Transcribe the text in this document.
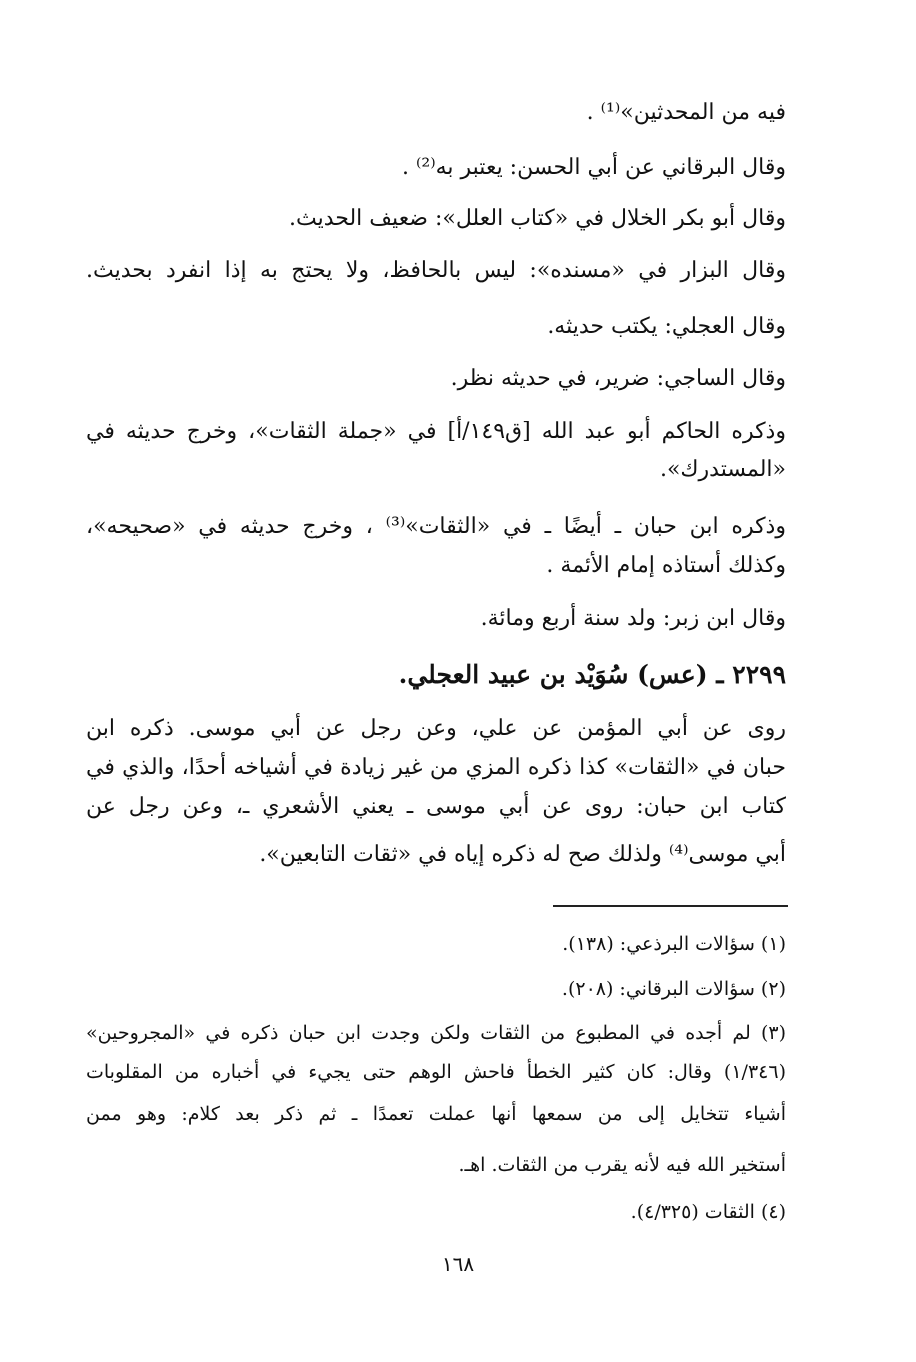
فيه من المحدثين»⁽¹⁾ .
وقال البرقاني عن أبي الحسن: يعتبر به⁽²⁾ .
وقال أبو بكر الخلال في «كتاب العلل»: ضعيف الحديث.
وقال البزار في «مسنده»: ليس بالحافظ، ولا يحتج به إذا انفرد بحديث.
وقال العجلي: يكتب حديثه.
وقال الساجي: ضرير، في حديثه نظر.
وذكره الحاكم أبو عبد الله [ق١٤٩/أ] في «جملة الثقات»، وخرج حديثه في
«المستدرك».
وذكره ابن حبان ـ أيضًا ـ في «الثقات»⁽³⁾ ، وخرج حديثه في «صحيحه»،
وكذلك أستاذه إمام الأئمة .
وقال ابن زبر: ولد سنة أربع ومائة.
٢٢٩٩ ـ (عس) سُوَيْد بن عبيد العجلي.
روى عن أبي المؤمن عن علي، وعن رجل عن أبي موسى. ذكره ابن
حبان في «الثقات» كذا ذكره المزي من غير زيادة في أشياخه أحدًا، والذي في
كتاب ابن حبان: روى عن أبي موسى ـ يعني الأشعري ـ، وعن رجل عن
أبي موسى⁽⁴⁾ ولذلك صح له ذكره إياه في «ثقات التابعين».
(١) سؤالات البرذعي: (١٣٨).
(٢) سؤالات البرقاني: (٢٠٨).
(٣) لم أجده في المطبوع من الثقات ولكن وجدت ابن حبان ذكره في «المجروحين»
(١/٣٤٦) وقال: كان كثير الخطأ فاحش الوهم حتى يجيء في أخباره من المقلوبات
أشياء تتخايل إلى من سمعها أنها عملت تعمدًا ـ ثم ذكر بعد كلام: وهو ممن
أستخير الله فيه لأنه يقرب من الثقات. اهـ.
(٤) الثقات (٤/٣٢٥).
١٦٨
